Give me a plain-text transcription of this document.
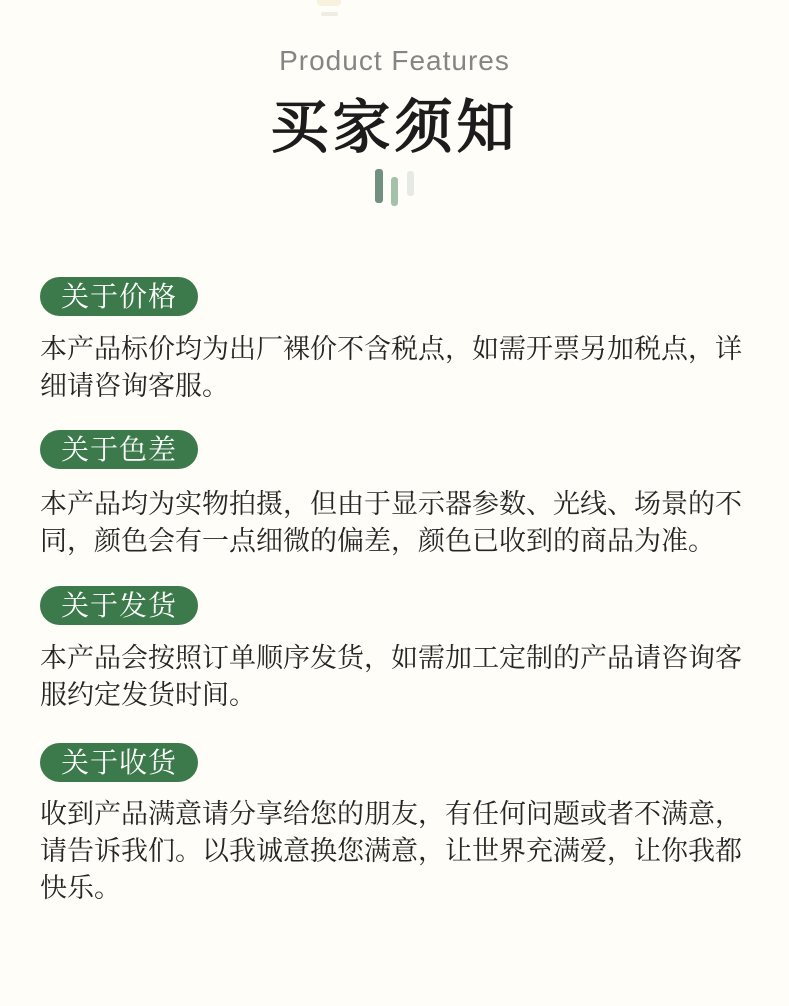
Product Features
买家须知
关于价格
本产品标价均为出厂裸价不含税点，如需开票另加税点，详
细请咨询客服。
关于色差
本产品均为实物拍摄，但由于显示器参数、光线、场景的不
同，颜色会有一点细微的偏差，颜色已收到的商品为准。
关于发货
本产品会按照订单顺序发货，如需加工定制的产品请咨询客
服约定发货时间。
关于收货
收到产品满意请分享给您的朋友，有任何问题或者不满意，
请告诉我们。以我诚意换您满意，让世界充满爱，让你我都
快乐。
